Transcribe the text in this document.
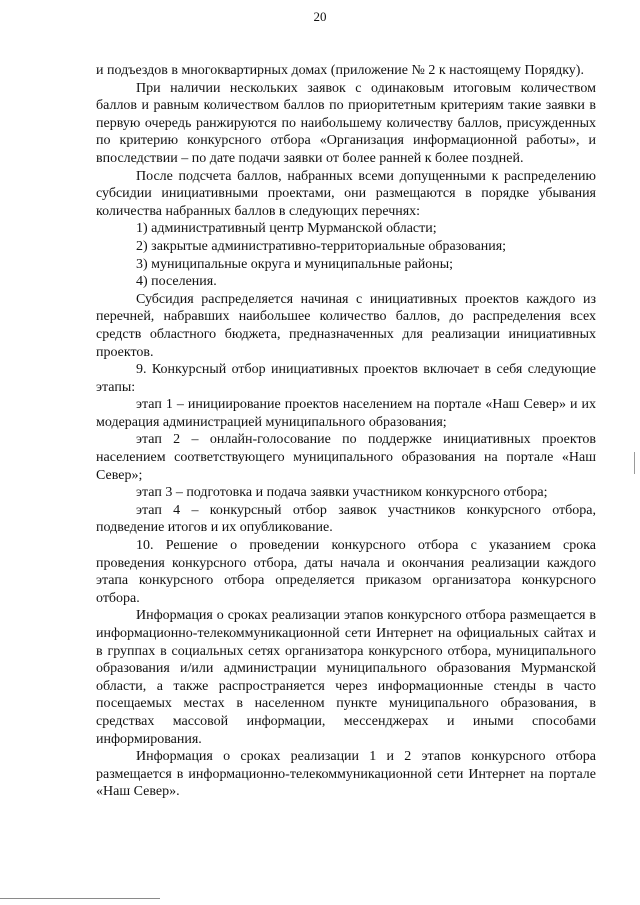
20

и подъездов в многоквартирных домах (приложение № 2 к настоящему Порядку).

При наличии нескольких заявок с одинаковым итоговым количеством баллов и равным количеством баллов по приоритетным критериям такие заявки в первую очередь ранжируются по наибольшему количеству баллов, присужденных по критерию конкурсного отбора «Организация информационной работы», и впоследствии – по дате подачи заявки от более ранней к более поздней.

После подсчета баллов, набранных всеми допущенными к распределению субсидии инициативными проектами, они размещаются в порядке убывания количества набранных баллов в следующих перечнях:

1) административный центр Мурманской области;

2) закрытые административно-территориальные образования;

3) муниципальные округа и муниципальные районы;

4) поселения.

Субсидия распределяется начиная с инициативных проектов каждого из перечней, набравших наибольшее количество баллов, до распределения всех средств областного бюджета, предназначенных для реализации инициативных проектов.

9. Конкурсный отбор инициативных проектов включает в себя следующие этапы:

этап 1 – инициирование проектов населением на портале «Наш Север» и их модерация администрацией муниципального образования;

этап 2 – онлайн-голосование по поддержке инициативных проектов населением соответствующего муниципального образования на портале «Наш Север»;

этап 3 – подготовка и подача заявки участником конкурсного отбора;

этап 4 – конкурсный отбор заявок участников конкурсного отбора, подведение итогов и их опубликование.

10. Решение о проведении конкурсного отбора с указанием срока проведения конкурсного отбора, даты начала и окончания реализации каждого этапа конкурсного отбора определяется приказом организатора конкурсного отбора.

Информация о сроках реализации этапов конкурсного отбора размещается в информационно-телекоммуникационной сети Интернет на официальных сайтах и в группах в социальных сетях организатора конкурсного отбора, муниципального образования и/или администрации муниципального образования Мурманской области, а также распространяется через информационные стенды в часто посещаемых местах в населенном пункте муниципального образования, в средствах массовой информации, мессенджерах и иными способами информирования.

Информация о сроках реализации 1 и 2 этапов конкурсного отбора размещается в информационно-телекоммуникационной сети Интернет на портале «Наш Север».
